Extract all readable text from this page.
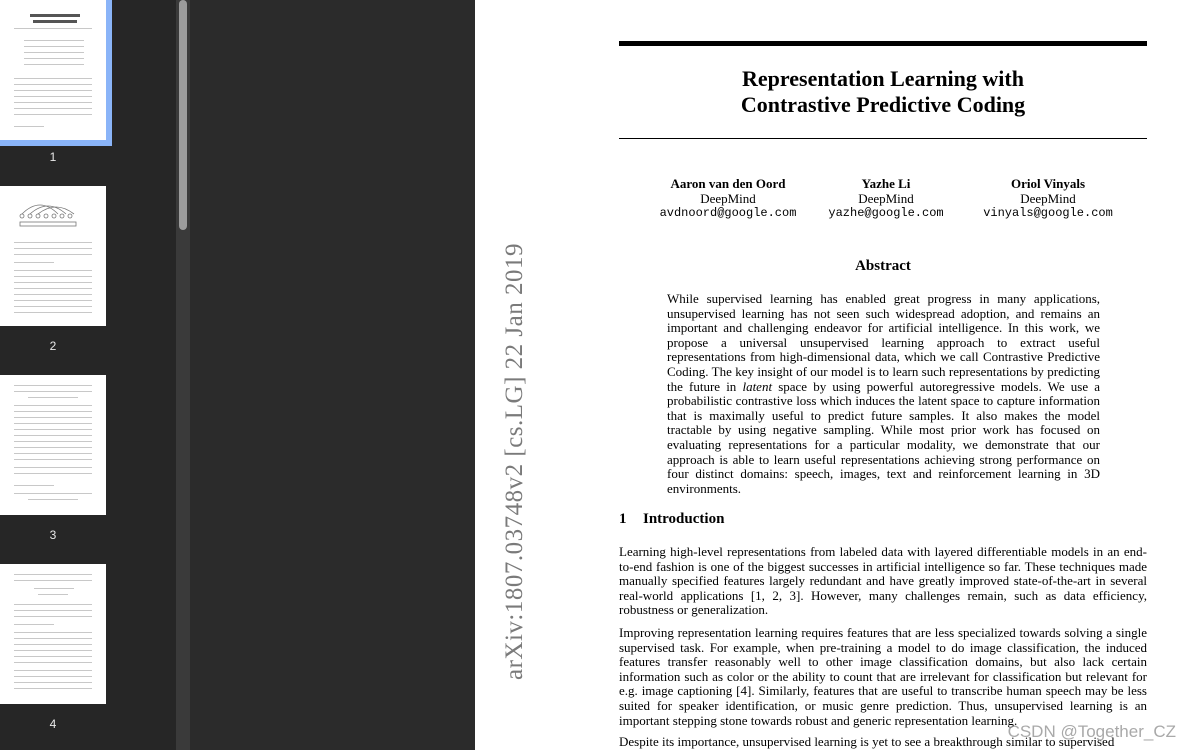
1
2
3
4
arXiv:1807.03748v2 [cs.LG] 22 Jan 2019
Representation Learning with
Contrastive Predictive Coding
Aaron van den Oord
DeepMind
avdnoord@google.com
Yazhe Li
DeepMind
yazhe@google.com
Oriol Vinyals
DeepMind
vinyals@google.com
Abstract
While supervised learning has enabled great progress in many applications, unsupervised learning has not seen such widespread adoption, and remains an important and challenging endeavor for artificial intelligence. In this work, we propose a universal unsupervised learning approach to extract useful representations from high-dimensional data, which we call Contrastive Predictive Coding. The key insight of our model is to learn such representations by predicting the future in latent space by using powerful autoregressive models. We use a probabilistic contrastive loss which induces the latent space to capture information that is maximally useful to predict future samples. It also makes the model tractable by using negative sampling. While most prior work has focused on evaluating representations for a particular modality, we demonstrate that our approach is able to learn useful representations achieving strong performance on four distinct domains: speech, images, text and reinforcement learning in 3D environments.
1 Introduction
Learning high-level representations from labeled data with layered differentiable models in an end-to-end fashion is one of the biggest successes in artificial intelligence so far. These techniques made manually specified features largely redundant and have greatly improved state-of-the-art in several real-world applications [1, 2, 3]. However, many challenges remain, such as data efficiency, robustness or generalization.
Improving representation learning requires features that are less specialized towards solving a single supervised task. For example, when pre-training a model to do image classification, the induced features transfer reasonably well to other image classification domains, but also lack certain information such as color or the ability to count that are irrelevant for classification but relevant for e.g. image captioning [4]. Similarly, features that are useful to transcribe human speech may be less suited for speaker identification, or music genre prediction. Thus, unsupervised learning is an important stepping stone towards robust and generic representation learning.
Despite its importance, unsupervised learning is yet to see a breakthrough similar to supervised
CSDN @Together_CZ
